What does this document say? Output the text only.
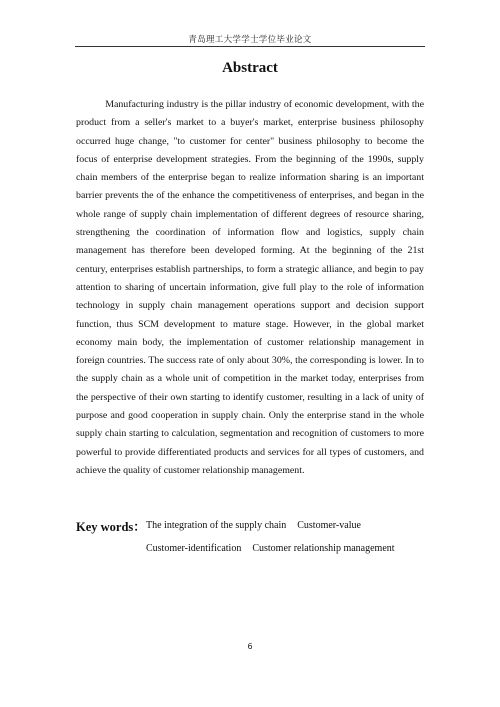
青岛理工大学学士学位毕业论文
Abstract

Manufacturing industry is the pillar industry of economic development, with the product from a seller's market to a buyer's market, enterprise business philosophy occurred huge change, "to customer for center" business philosophy to become the focus of enterprise development strategies. From the beginning of the 1990s, supply chain members of the enterprise began to realize information sharing is an important barrier prevents the of the enhance the competitiveness of enterprises, and began in the whole range of supply chain implementation of different degrees of resource sharing, strengthening the coordination of information flow and logistics, supply chain management has therefore been developed forming. At the beginning of the 21st century, enterprises establish partnerships, to form a strategic alliance, and begin to pay attention to sharing of uncertain information, give full play to the role of information technology in supply chain management operations support and decision support function, thus SCM development to mature stage. However, in the global market economy main body, the implementation of customer relationship management in foreign countries. The success rate of only about 30%, the corresponding is lower. In to the supply chain as a whole unit of competition in the market today, enterprises from the perspective of their own starting to identify customer, resulting in a lack of unity of purpose and good cooperation in supply chain. Only the enterprise stand in the whole supply chain starting to calculation, segmentation and recognition of customers to more powerful to provide differentiated products and services for all types of customers, and achieve the quality of customer relationship management.

Key words： The integration of the supply chain Customer-value
Customer-identification Customer relationship management
6
